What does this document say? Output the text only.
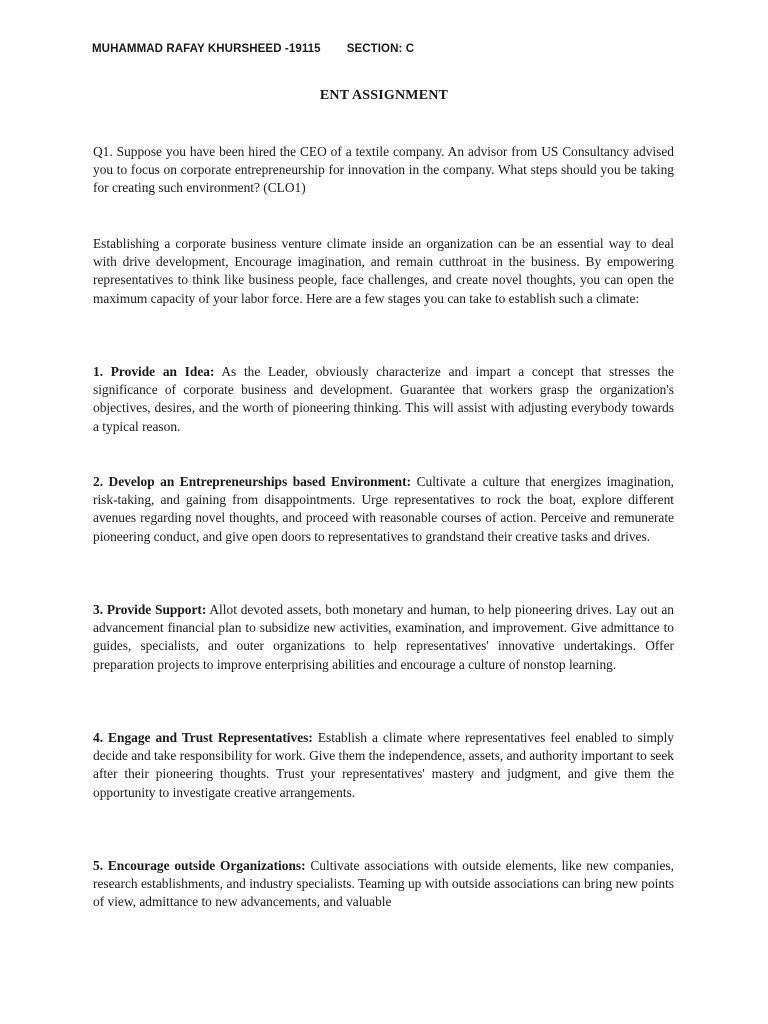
MUHAMMAD RAFAY KHURSHEED -19115 SECTION: C
ENT ASSIGNMENT

Q1. Suppose you have been hired the CEO of a textile company. An advisor from US Consultancy advised you to focus on corporate entrepreneurship for innovation in the company. What steps should you be taking for creating such environment? (CLO1)

Establishing a corporate business venture climate inside an organization can be an essential way to deal with drive development, Encourage imagination, and remain cutthroat in the business. By empowering representatives to think like business people, face challenges, and create novel thoughts, you can open the maximum capacity of your labor force. Here are a few stages you can take to establish such a climate:

1. Provide an Idea: As the Leader, obviously characterize and impart a concept that stresses the significance of corporate business and development. Guarantee that workers grasp the organization's objectives, desires, and the worth of pioneering thinking. This will assist with adjusting everybody towards a typical reason.

2. Develop an Entrepreneurships based Environment: Cultivate a culture that energizes imagination, risk-taking, and gaining from disappointments. Urge representatives to rock the boat, explore different avenues regarding novel thoughts, and proceed with reasonable courses of action. Perceive and remunerate pioneering conduct, and give open doors to representatives to grandstand their creative tasks and drives.

3. Provide Support: Allot devoted assets, both monetary and human, to help pioneering drives. Lay out an advancement financial plan to subsidize new activities, examination, and improvement. Give admittance to guides, specialists, and outer organizations to help representatives' innovative undertakings. Offer preparation projects to improve enterprising abilities and encourage a culture of nonstop learning.

4. Engage and Trust Representatives: Establish a climate where representatives feel enabled to simply decide and take responsibility for work. Give them the independence, assets, and authority important to seek after their pioneering thoughts. Trust your representatives' mastery and judgment, and give them the opportunity to investigate creative arrangements.

5. Encourage outside Organizations: Cultivate associations with outside elements, like new companies, research establishments, and industry specialists. Teaming up with outside associations can bring new points of view, admittance to new advancements, and valuable
